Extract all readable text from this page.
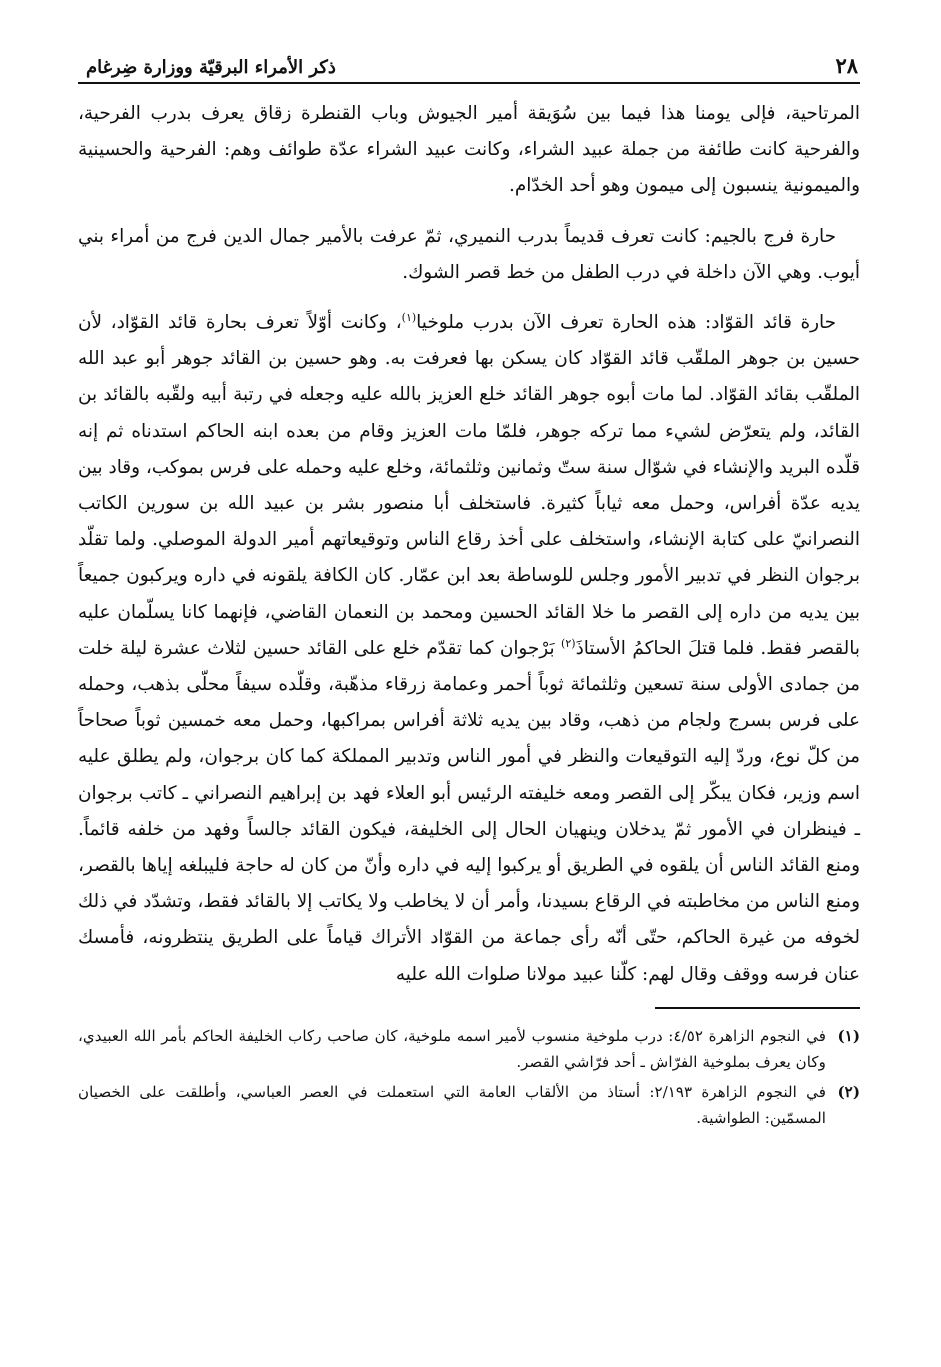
٢٨
ذكر الأمراء البرقيّة ووزارة ضِرغام

المرتاحية، فإلى يومنا هذا فيما بين سُوَيقة أمير الجيوش وباب القنطرة زقاق يعرف بدرب الفرحية، والفرحية كانت طائفة من جملة عبيد الشراء، وكانت عبيد الشراء عدّة طوائف وهم: الفرحية والحسينية والميمونية ينسبون إلى ميمون وهو أحد الخدّام.

حارة فرج بالجيم: كانت تعرف قديماً بدرب النميري، ثمّ عرفت بالأمير جمال الدين فرج من أمراء بني أيوب. وهي الآن داخلة في درب الطفل من خط قصر الشوك.

حارة قائد القوّاد: هذه الحارة تعرف الآن بدرب ملوخيا$^{(١)}$، وكانت أوّلاً تعرف بحارة قائد القوّاد، لأن حسين بن جوهر الملقّب قائد القوّاد كان يسكن بها فعرفت به. وهو حسين بن القائد جوهر أبو عبد الله الملقّب بقائد القوّاد. لما مات أبوه جوهر القائد خلع العزيز بالله عليه وجعله في رتبة أبيه ولقّبه بالقائد بن القائد، ولم يتعرّض لشيء مما تركه جوهر، فلمّا مات العزيز وقام من بعده ابنه الحاكم استدناه ثم إنه قلّده البريد والإنشاء في شوّال سنة ستّ وثمانين وثلثمائة، وخلع عليه وحمله على فرس بموكب، وقاد بين يديه عدّة أفراس، وحمل معه ثياباً كثيرة. فاستخلف أبا منصور بشر بن عبيد الله بن سورين الكاتب النصرانيّ على كتابة الإنشاء، واستخلف على أخذ رقاع الناس وتوقيعاتهم أمير الدولة الموصلي. ولما تقلّد برجوان النظر في تدبير الأمور وجلس للوساطة بعد ابن عمّار. كان الكافة يلقونه في داره ويركبون جميعاً بين يديه من داره إلى القصر ما خلا القائد الحسين ومحمد بن النعمان القاضي، فإنهما كانا يسلّمان عليه بالقصر فقط. فلما قتلَ الحاكمُ الأستاذَ$^{(٢)}$ بَرْجوان كما تقدّم خلع على القائد حسين لثلاث عشرة ليلة خلت من جمادى الأولى سنة تسعين وثلثمائة ثوباً أحمر وعمامة زرقاء مذهّبة، وقلّده سيفاً محلّى بذهب، وحمله على فرس بسرج ولجام من ذهب، وقاد بين يديه ثلاثة أفراس بمراكبها، وحمل معه خمسين ثوباً صحاحاً من كلّ نوع، وردّ إليه التوقيعات والنظر في أمور الناس وتدبير المملكة كما كان برجوان، ولم يطلق عليه اسم وزير، فكان يبكّر إلى القصر ومعه خليفته الرئيس أبو العلاء فهد بن إبراهيم النصراني ـ كاتب برجوان ـ فينظران في الأمور ثمّ يدخلان وينهيان الحال إلى الخليفة، فيكون القائد جالساً وفهد من خلفه قائماً. ومنع القائد الناس أن يلقوه في الطريق أو يركبوا إليه في داره وأنّ من كان له حاجة فليبلغه إياها بالقصر، ومنع الناس من مخاطبته في الرقاع بسيدنا، وأمر أن لا يخاطب ولا يكاتب إلا بالقائد فقط، وتشدّد في ذلك لخوفه من غيرة الحاكم، حتّى أنّه رأى جماعة من القوّاد الأتراك قياماً على الطريق ينتظرونه، فأمسك عنان فرسه ووقف وقال لهم: كلّنا عبيد مولانا صلوات الله عليه

(١)
في النجوم الزاهرة ٤/٥٢: درب ملوخية منسوب لأمير اسمه ملوخية، كان صاحب ركاب الخليفة الحاكم بأمر الله العبيدي، وكان يعرف بملوخية الفرّاش ـ أحد فرّاشي القصر.
(٢)
في النجوم الزاهرة ٢/١٩٣: أستاذ من الألقاب العامة التي استعملت في العصر العباسي، وأطلقت على الخصيان المسمّين: الطواشية.
